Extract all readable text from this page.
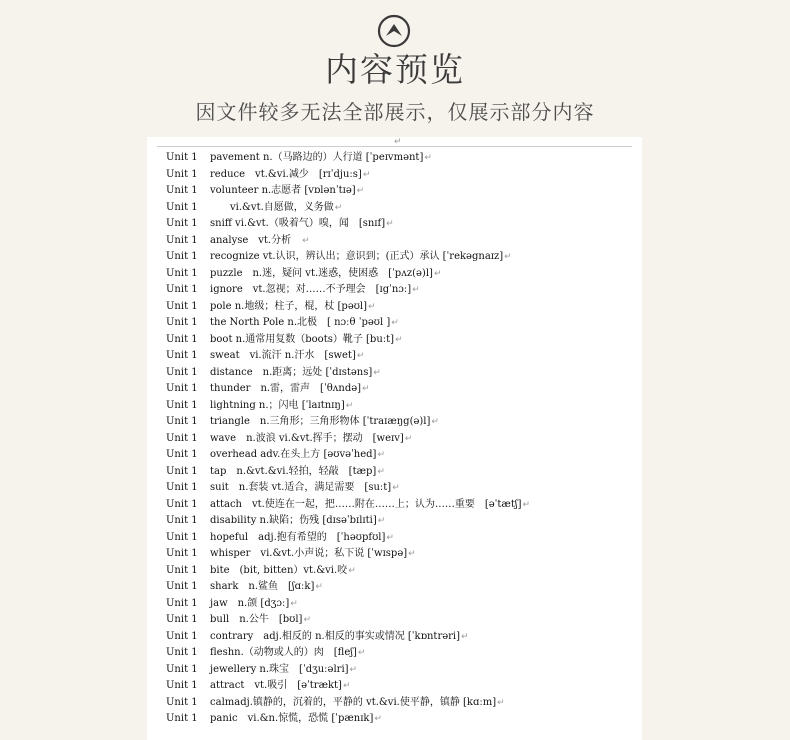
内容预览
因文件较多无法全部展示，仅展示部分内容
↵
Unit 1	pavement n.（马路边的）人行道 [ˈpeɪvmənt] ↵
Unit 1	reduce　vt.&vi.减少　[rɪˈdjuːs] ↵
Unit 1	volunteer n.志愿者 [vɒlənˈtɪə] ↵
Unit 1	　　vi.&vt.自愿做，义务做 ↵
Unit 1	sniff vi.&vt.（吸着气）嗅，闻　[snɪf] ↵
Unit 1	analyse　vt.分析　 ↵
Unit 1	recognize vt.认识，辨认出；意识到；(正式）承认 [ˈrekəgnaɪz] ↵
Unit 1	puzzle　n.迷，疑问 vt.迷惑，使困惑　[ˈpʌz(ə)l] ↵
Unit 1	ignore　vt.忽视；对……不予理会　[ɪgˈnɔː] ↵
Unit 1	pole n.地级；柱子，棍，杖 [pəʊl] ↵
Unit 1	the North Pole n.北极　[ nɔːθ ˈpəʊl ] ↵
Unit 1	boot n.通常用复数（boots）靴子 [buːt] ↵
Unit 1	sweat　vi.流汗 n.汗水　[swet] ↵
Unit 1	distance　n.距离；远处 [ˈdɪstəns] ↵
Unit 1	thunder　n.雷，雷声　[ˈθʌndə] ↵
Unit 1	lightning n.；闪电 [ˈlaɪtnɪŋ] ↵
Unit 1	triangle　n.三角形；三角形物体 [ˈtraɪæŋg(ə)l] ↵
Unit 1	wave　n.波浪 vi.&vt.挥手；摆动　[weɪv] ↵
Unit 1	overhead adv.在头上方 [əʊvəˈhed] ↵
Unit 1	tap　n.&vt.&vi.轻拍，轻敲　[tæp] ↵
Unit 1	suit　n.套装 vt.适合，满足需要　[suːt] ↵
Unit 1	attach　vt.使连在一起，把……附在……上；认为……重要　[əˈtætʃ] ↵
Unit 1	disability n.缺陷；伤残 [dɪsəˈbɪlɪti] ↵
Unit 1	hopeful　adj.抱有希望的　[ˈhəʊpfʊl] ↵
Unit 1	whisper　vi.&vt.小声说；私下说 [ˈwɪspə] ↵
Unit 1	bite　(bit, bitten）vt.&vi.咬 ↵
Unit 1	shark　n.鲨鱼　[ʃɑːk] ↵
Unit 1	jaw　n.颌 [dʒɔː] ↵
Unit 1	bull　n.公牛　[bʊl] ↵
Unit 1	contrary　adj.相反的 n.相反的事实或情况 [ˈkɒntrəri] ↵
Unit 1	fleshn.（动物或人的）肉　[fleʃ] ↵
Unit 1	jewellery n.珠宝　[ˈdʒuːəlri] ↵
Unit 1	attract　vt.吸引　[əˈtrækt] ↵
Unit 1	calmadj.镇静的，沉着的，平静的 vt.&vi.使平静，镇静 [kɑːm] ↵
Unit 1	panic　vi.&n.惊慌，恐慌 [ˈpænɪk] ↵
